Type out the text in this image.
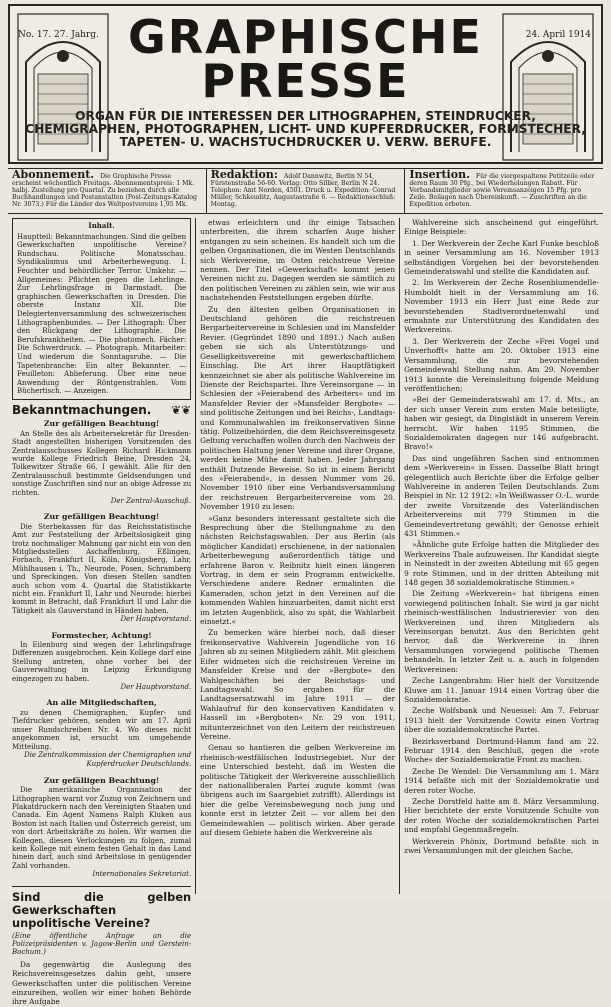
No. 17. 27. Jahrg.	24. April 1914
GRAPHISCHE
PRESSE
ORGAN FÜR DIE INTERESSEN DER LITHOGRAPHEN, STEINDRUCKER, CHEMIGRAPHEN, PHOTOGRAPHEN, LICHT- UND KUPFERDRUCKER, FORMSTECHER, TAPETEN- U. WACHSTUCHDRUCKER U. VERW. BERUFE.
Abonnement. Die Graphische Presse erscheint wöchentlich Freitags. Abonnementspreis: 1 Mk. halbj. Zustellung pro Quartal. Zu beziehen durch alle Buchhandlungen und Postanstalten (Post-Zeitungs-Katalog Nr. 3073.) Für die Länder des Weltpostvereins 1,95 Mk.
Redaktion: Adolf Dannwitz, Berlin N 54, Fürstenstraße 56-60. Verlag: Otto Sillier, Berlin N 24. Telephon: Amt Norden, 4501. Druck u. Expedition: Conrad Müller, Schkeuditz, Augustastraße 6. — Redaktionsschluß: Montag.
Insertion. Für die viergespaltene Petitzeile oder deren Raum 30 Pfg., bei Wiederholungen Rabatt. Für Verbandsmitglieder sowie Vereinsanzeigen 15 Pfg. pro Zeile. Beilagen nach Übereinkunft. — Zuschriften an die Expedition erbeten.
Inhalt.
Hauptteil: Bekanntmachungen. Sind die gelben Gewerkschaften unpolitische Vereine? Rundschau. Politische Monatsschau. Syndikalismus und Arbeiterbewegung. I. Feuchter und behördlicher Terror. Umkehr. — Allgemeines: Pflichten gegen die Lehrlinge. Zur Lehrlingsfrage in Darmstadt. Die graphischen Gewerkschaften in Dresden. Die oberste Instanz XII. Die Delegiertenversammlung des schweizerischen Lithographenbundes. — Der Lithograph: Über den Rückgang der Lithographie. Die Berufskrankheiten. — Die photomech. Fächer: Die Schwerdruck. — Photograph. Mitarbeiter: Und wiederum die Sonntagsruhe. — Die Tapetenbranche: Ein alter Bekannter. — Feuilleton: Ablieferung. Über eine neue Anwendung der Röntgenstrahlen. Vom Büchertisch. — Anzeigen.
Bekanntmachungen. ❦❦
Zur gefälligen Beachtung!
An Stelle des als Arbeitersekretär für Dresden-Stadt angestellten bisherigen Vorsitzenden des Zentralausschusses Kollegen Richard Hickmann wurde Kollege Friedrich Beine, Dresden 24, Tolkewitzer Straße 66, I gewählt. Alle für den Zentralausschuß bestimmte Geldsendungen und sonstige Zuschriften sind nur an obige Adresse zu richten.
Der Zentral-Ausschuß.
Zur gefälligen Beachtung!
Die Sterbekassen für das Reichsstatistische Amt zur Feststellung der Arbeitslosigkeit ging trotz nochmaliger Mahnung gar nicht ein von den Mitgliedsstellen Aschaffenburg, Eßlingen, Forbach, Frankfurt II, Köln, Königsberg, Lahr, Mühlhausen i. Th., Neurode, Posen, Schramberg und Spreckingen. Von diesen Stellen sandten auch schon vom 4. Quartal die Statistikkarte nicht ein. Frankfurt II, Lahr und Neurode; hierbei kommt in Betracht, daß Frankfurt II und Lahr die Tätigkeit als Gauverstand in Händen haben.
Der Hauptvorstand.
Formstecher, Achtung!
In Eilenburg sind wegen der Lehrlingsfrage Differenzen ausgebrochen. Kein Kollege darf eine Stellung antreten, ohne vorher bei der Gauverwaltung in Leipzig Erkundigung eingezogen zu haben.
Der Hauptvorstand.
An alle Mitgliedschaften,
zu denen Chemigraphen, Kupfer- und Tiefdrucker gehören, senden wir am 17. April unser Rundschreiben Nr. 4. Wo dieses nicht angekommen ist, ersucht um umgehende Mitteilung.
Die Zentralkommission der Chemigraphen und Kupferdrucker Deutschlands.
Zur gefälligen Beachtung!
Die amerikanische Organisation der Lithographen warnt vor Zuzug von Zeichnern und Plakatdruckern nach den Vereinigten Staaten und Canada. Ein Agent Namens Ralph Kluken aus Boston ist nach Italien und Österreich gereist, um von dort Arbeitskräfte zu holen. Wir warnen die Kollegen, diesen Verlockungen zu folgen, zumal kein Kollege mit einem festen Gehalt in das Land hinein darf, auch sind Arbeitslose in genügender Zahl vorhanden.
Internationales Sekretariat.
Sind die gelben Gewerkschaften unpolitische Vereine?
(Eine öffentliche Anfrage an die Polizeipräsidenten v. Jagow-Berlin und Gerstein-Bochum.)

Da gegenwärtig die Auslegung des Reichsvereinsgesetzes dahin geht, unsere Gewerkschaften unter die politischen Vereine einzureihen, wollen wir einer hohen Behörde ihre Aufgabe

etwas erleichtern und ihr einige Tatsachen unterbreiten, die ihrem scharfen Auge bisher entgangen zu sein scheinen. Es handelt sich um die gelben Organisationen, die im Westen Deutschlands sich Werkvereine, im Osten reichstreue Vereine nennen. Der Titel »Gewerkschaft« kommt jenen Vereinen nicht zu. Dagegen werden sie sämtlich zu den politischen Vereinen zu zählen sein, wie wir aus nachstehenden Feststellungen ergeben dürfte.

Zu den ältesten gelben Organisationen in Deutschland gehören die reichstreuen Bergarbeitervereine in Schlesien und im Mansfelder Revier. (Gegründet 1890 und 1891.) Nach außen geben sie sich als Unterstützungs- und Geselligkeitsvereine mit gewerkschaftlichem Einschlag. Die Art ihrer Hauptfätigkeit kennzeichnet sie aber als politische Wahlvereine im Dienste der Reichspartei. Ihre Vereinsorgane — in Schlesien der »Feierabend des Arbeiters« und im Mansfelder Revier der »Mansfelder Bergbote« — sind politische Zeitungen und bei Reichs-, Landtags- und Kommunalwahlen im freikonservativen Sinne tätig. Polizeibehörden, die dem Reichsvereinsgesetz Geltung verschaffen wollen durch den Nachweis der politischen Haltung jener Vereine und ihrer Organe, werden keine Mühe damit haben. Jeder Jahrgang enthält Dutzende Beweise. So ist in einem Bericht des »Feierabend«, in dessen Nummer vom 26. November 1910 über eine Verbandsversammlung der reichstreuen Bergarbeitervereine vom 20. November 1910 zu lesen:

»Ganz besonders interessant gestaltete sich die Besprechung über die Stellungnahme zu den nächsten Reichstagswahlen. Der aus Berlin (als möglicher Kandidat) erschienene, in der nationalen Arbeiterbewegung außerordentlich tätige und erfahrene Baron v. Reibnitz hielt einen längeren Vortrag, in dem er sein Programm entwickelte. Verschiedene andere Redner ermahnten die Kameraden, schon jetzt in den Vereinen auf die kommenden Wahlen hinzuarbeiten, damit nicht erst im letzten Augenblick, also zu spät, die Wahlarbeit einsetzt.«

Zu bemerken wäre hierbei noch, daß dieser freikonservative Wahlverein Jugendliche von 16 Jahren ab zu seinen Mitgliedern zählt. Mit gleichem Eifer widmeten sich die reichstreuen Vereine im Mansfelder Kreise und der »Bergbote« den Wahlgeschäften bei der Reichstags- und Landtagswahl. So ergaben für die Landtagsersatzwahl im Jahre 1911 — der Wahlaufruf für den konservativen Kandidaten v. Hassell im »Bergboten« Nr. 29 von 1911, mitunterzeichnet von den Leitern der reichstreuen Vereine.

Genau so hantieren die gelben Werkvereine im rheinisch-westfälischen Industriegebiet. Nur der eine Unterschied besteht, daß im Westen die politische Tätigkeit der Werkvereine ausschließlich der nationalliberalen Partei zugute kommt (was übrigens auch im Saargebiet zutrifft). Allerdings ist hier die gelbe Vereinsbewegung noch jung und konnte erst in letzter Zeit — vor allem bei den Gemeindewahlen — politisch wirken. Aber gerade auf diesem Gebiete haben die Werkvereine als

Wahlvereine sich anscheinend gut eingeführt. Einige Beispiele:

1. Der Werkverein der Zeche Karl Funke beschloß in seiner Versammlung am 16. November 1913 selbständigen Vorgehen bei der bevorstehenden Gemeinderatswahl und stellte die Kandidaten auf.

2. Im Werkverein der Zeche Rosenblumendelle-Humboldt hielt in der Versammlung am 16. November 1913 ein Herr Just eine Rede zur bevorstehenden Stadtverordnetenwahl und ermahnte zur Unterstützung des Kandidaten des Werkvereins.

3. Der Werkverein der Zeche »Frei Vogel und Unverhofft« hatte am 20. Oktober 1913 eine Versammlung, die zur bevorstehenden Gemeindewahl Stellung nahm. Am 29. November 1913 konnte die Vereinsleitung folgende Meldung veröffentlichen:

»Bei der Gemeinderatswahl am 17. d. Mts., an der sich unser Verein zum ersten Male beteiligte, haben wir gesiegt, da Dinglstädt in unserem Verein herrscht. Wir haben 1195 Stimmen, die Sozialdemokraten dagegen nur 146 aufgebracht. Bravo!«

Das sind ungefähren Sachen sind entnommen dem »Werkverein« in Essen. Dasselbe Blatt bringt gelegentlich auch Berichte über die Erfolge gelber Wahlvereine in anderen Teilen Deutschlands. Zum Beispiel in Nr. 12 1912: »In Weißwasser O.-L. wurde der zweite Vorsitzende des Vaterländischen Arbeitervereins mit 779 Stimmen in die Gemeindevertretung gewählt; der Genosse erhielt 431 Stimmen.«

»Ähnliche gute Erfolge hatten die Mitglieder des Werkvereins Thale aufzuweisen. Ihr Kandidat siegte in Neinstedt in der zweiten Abteilung mit 65 gegen 9 rote Stimmen, und in der dritten Abteilung mit 148 gegen 38 sozialdemokratische Stimmen.«

Die Zeitung »Werkverein« hat übrigens einen vorwiegend politischen Inhalt. Sie wird ja gar nicht rheinisch-westfälischen Industrierevier von den Werkvereinen und ihren Mitgliedern als Vereinsorgan benutzt. Aus den Berichten geht hervor, daß die Werkvereine in ihren Versammlungen vorwiegend politische Themen behandeln. In letzter Zeit u. a. auch in folgenden Werkvereinen:

Zeche Langenbrahm: Hier hielt der Vorsitzende Kluwe am 11. Januar 1914 einen Vortrag über die Sozialdemokratie.

Zeche Wolfsbank und Neuessel: Am 7. Februar 1913 hielt der Vorsitzende Cowitz einen Vortrag über die sozialdemokratische Partei.

Bezirksverband Dortmund-Hamm fand am 22. Februar 1914 den Beschluß, gegen die »rote Woche« der Sozialdemokratie Front zu machen.

Zeche De Wendel: Die Versammlung am 1. März 1914 befaßte sich mit der Sozialdemokratie und deren roter Woche.

Zeche Dorstfeld hatte am 8. März Versammlung. Hier berichtete der erste Vorsitzende Schulte von der roten Woche der sozialdemokratischen Partei und empfahl Gegenmaßregeln.

Werkverein Phönix, Dortmund befaßte sich in zwei Versammlungen mit der gleichen Sache,
